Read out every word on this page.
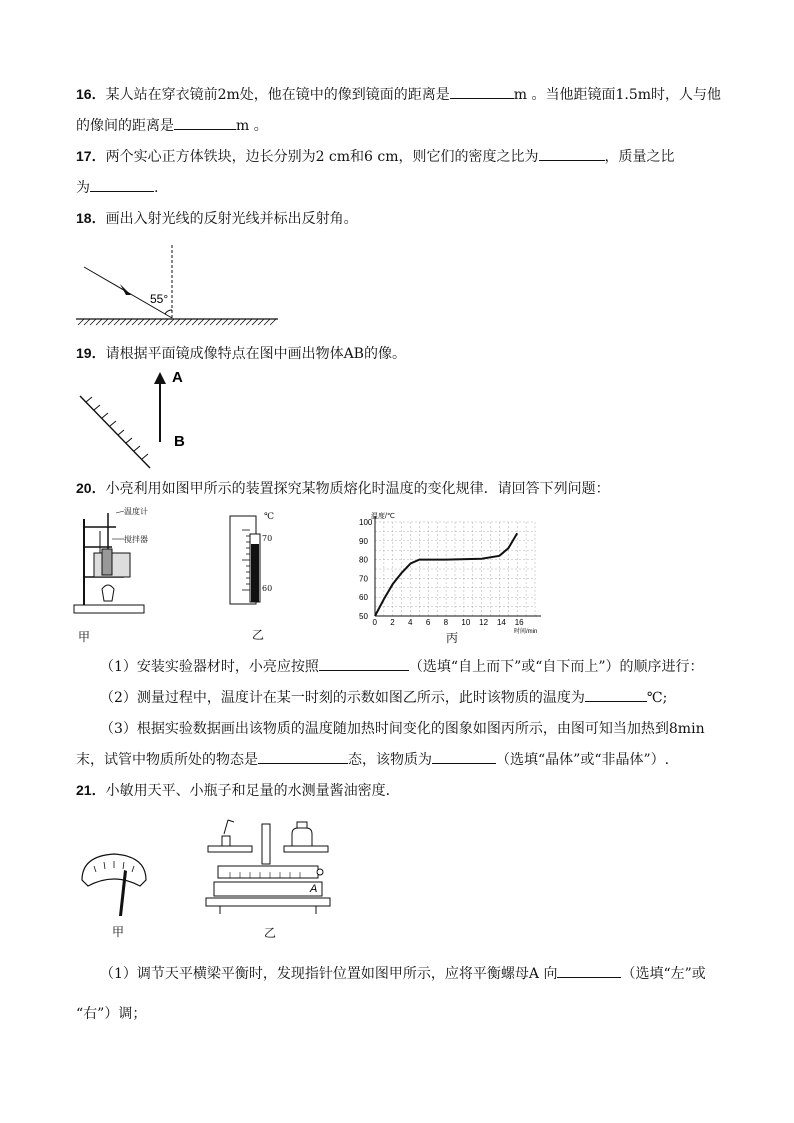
16．某人站在穿衣镜前2m处，他在镜中的像到镜面的距离是	m 。当他距镜面1.5m时，人与他
的像间的距离是	m 。
17．两个实心正方体铁块，边长分别为2 cm和6 cm，则它们的密度之比为	，质量之比
为	.
18．画出入射光线的反射光线并标出反射角。
55°
19．请根据平面镜成像特点在图中画出物体AB的像。
A
B
20．小亮利用如图甲所示的装置探究某物质熔化时温度的变化规律．请回答下列问题：
温度计
搅拌器
甲
℃
70
60
乙
温度/℃
时间/min
0 2 4 6 8 10 12 14 16
50
60
70
80
90
100
丙
（1）安装实验器材时，小亮应按照	（选填“自上而下”或“自下而上”）的顺序进行：
（2）测量过程中，温度计在某一时刻的示数如图乙所示，此时该物质的温度为	℃;
（3）根据实验数据画出该物质的温度随加热时间变化的图象如图丙所示，由图可知当加热到8min
末，试管中物质所处的物态是	态，该物质为	（选填“晶体”或“非晶体”）.
21．小敏用天平、小瓶子和足量的水测量酱油密度．
甲
A
乙
（1）调节天平横梁平衡时，发现指针位置如图甲所示，应将平衡螺母A 向	（选填“左”或
“右”）调；
